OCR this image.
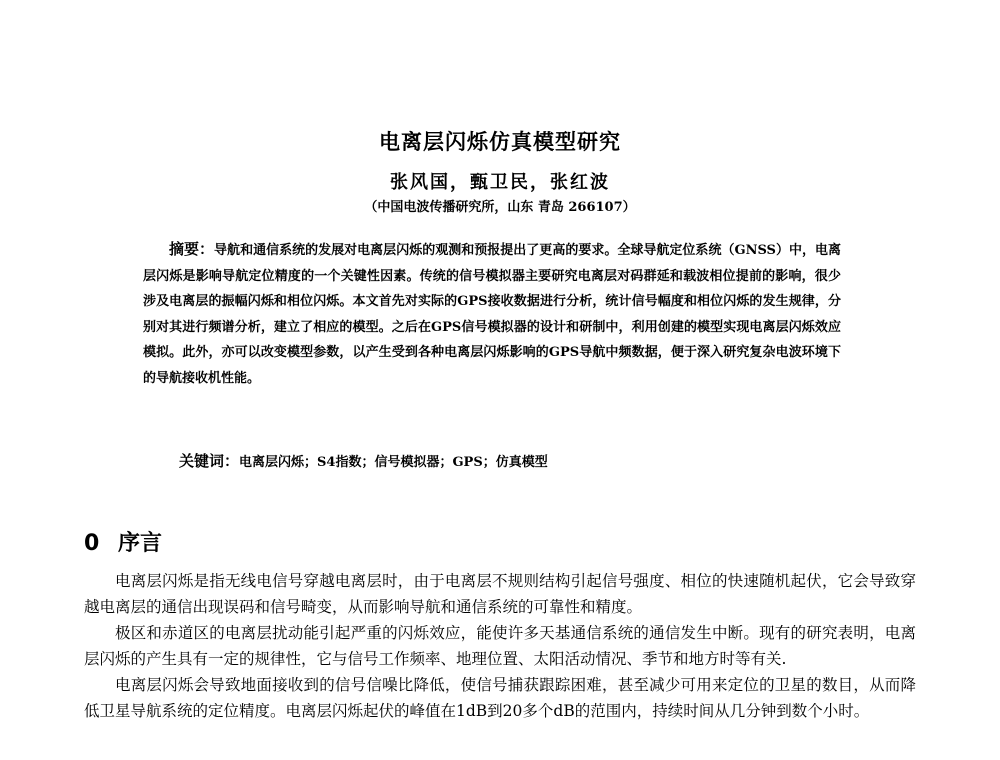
电离层闪烁仿真模型研究
张风国，甄卫民，张红波
（中国电波传播研究所，山东 青岛 266107）
摘要：导航和通信系统的发展对电离层闪烁的观测和预报提出了更高的要求。全球导航定位系统（GNSS）中，电离层闪烁是影响导航定位精度的一个关键性因素。传统的信号模拟器主要研究电离层对码群延和载波相位提前的影响，很少涉及电离层的振幅闪烁和相位闪烁。本文首先对实际的GPS接收数据进行分析，统计信号幅度和相位闪烁的发生规律，分别对其进行频谱分析，建立了相应的模型。之后在GPS信号模拟器的设计和研制中，利用创建的模型实现电离层闪烁效应模拟。此外，亦可以改变模型参数，以产生受到各种电离层闪烁影响的GPS导航中频数据，便于深入研究复杂电波环境下的导航接收机性能。
关键词：电离层闪烁；S4指数；信号模拟器；GPS；仿真模型
0 序言

电离层闪烁是指无线电信号穿越电离层时，由于电离层不规则结构引起信号强度、相位的快速随机起伏，它会导致穿越电离层的通信出现误码和信号畸变，从而影响导航和通信系统的可靠性和精度。

极区和赤道区的电离层扰动能引起严重的闪烁效应，能使许多天基通信系统的通信发生中断。现有的研究表明，电离层闪烁的产生具有一定的规律性，它与信号工作频率、地理位置、太阳活动情况、季节和地方时等有关.

电离层闪烁会导致地面接收到的信号信噪比降低，使信号捕获跟踪困难，甚至减少可用来定位的卫星的数目，从而降低卫星导航系统的定位精度。电离层闪烁起伏的峰值在1dB到20多个dB的范围内，持续时间从几分钟到数个小时。
